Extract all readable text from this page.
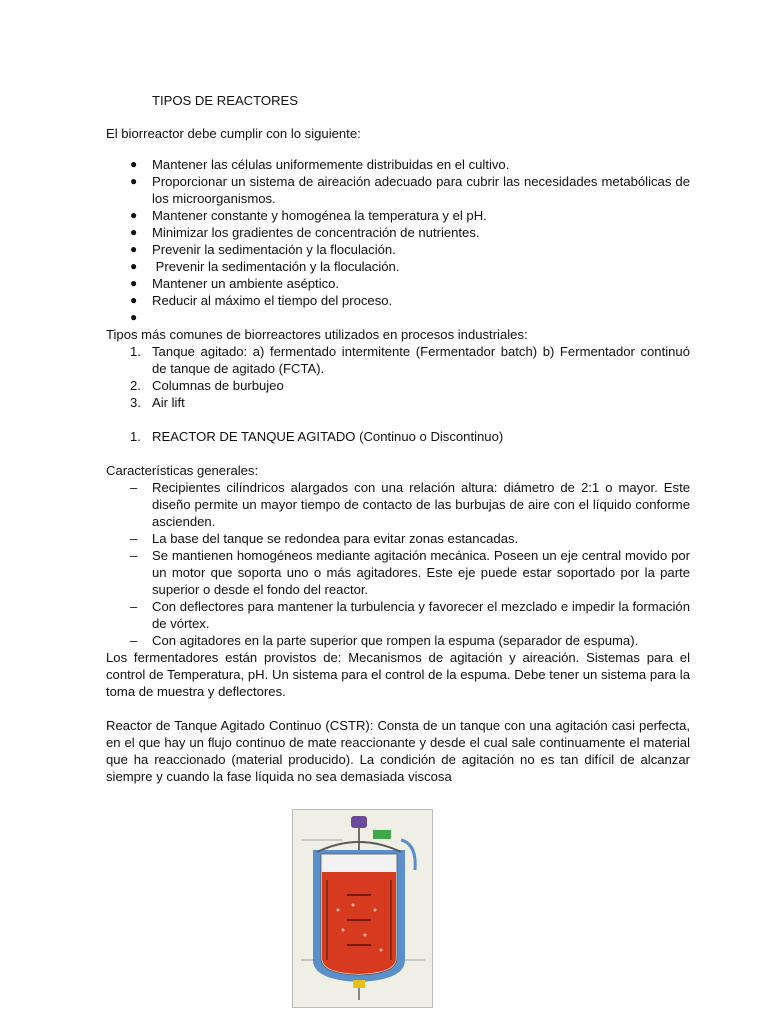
TIPOS DE REACTORES

El biorreactor debe cumplir con lo siguiente:

● Mantener las células uniformemente distribuidas en el cultivo.
● Proporcionar un sistema de aireación adecuado para cubrir las necesidades metabólicas de los microorganismos.
● Mantener constante y homogénea la temperatura y el pH.
● Minimizar los gradientes de concentración de nutrientes.
● Prevenir la sedimentación y la floculación.
● Prevenir la sedimentación y la floculación.
● Mantener un ambiente aséptico.
● Reducir al máximo el tiempo del proceso.
●

Tipos más comunes de biorreactores utilizados en procesos industriales:

1. Tanque agitado: a) fermentado intermitente (Fermentador batch) b) Fermentador continuó de tanque de agitado (FCTA).
2. Columnas de burbujeo
3. Air lift
1. REACTOR DE TANQUE AGITADO (Continuo o Discontinuo)

Características generales:

– Recipientes cilíndricos alargados con una relación altura: diámetro de 2:1 o mayor. Este diseño permite un mayor tiempo de contacto de las burbujas de aire con el líquido conforme ascienden.
– La base del tanque se redondea para evitar zonas estancadas.
– Se mantienen homogéneos mediante agitación mecánica. Poseen un eje central movido por un motor que soporta uno o más agitadores. Este eje puede estar soportado por la parte superior o desde el fondo del reactor.
– Con deflectores para mantener la turbulencia y favorecer el mezclado e impedir la formación de vórtex.
– Con agitadores en la parte superior que rompen la espuma (separador de espuma).

Los fermentadores están provistos de: Mecanismos de agitación y aireación. Sistemas para el control de Temperatura, pH. Un sistema para el control de la espuma. Debe tener un sistema para la toma de muestra y deflectores.

Reactor de Tanque Agitado Continuo (CSTR): Consta de un tanque con una agitación casi perfecta, en el que hay un flujo continuo de mate reaccionante y desde el cual sale continuamente el material que ha reaccionado (material producido). La condición de agitación no es tan difícil de alcanzar siempre y cuando la fase líquida no sea demasiada viscosa
